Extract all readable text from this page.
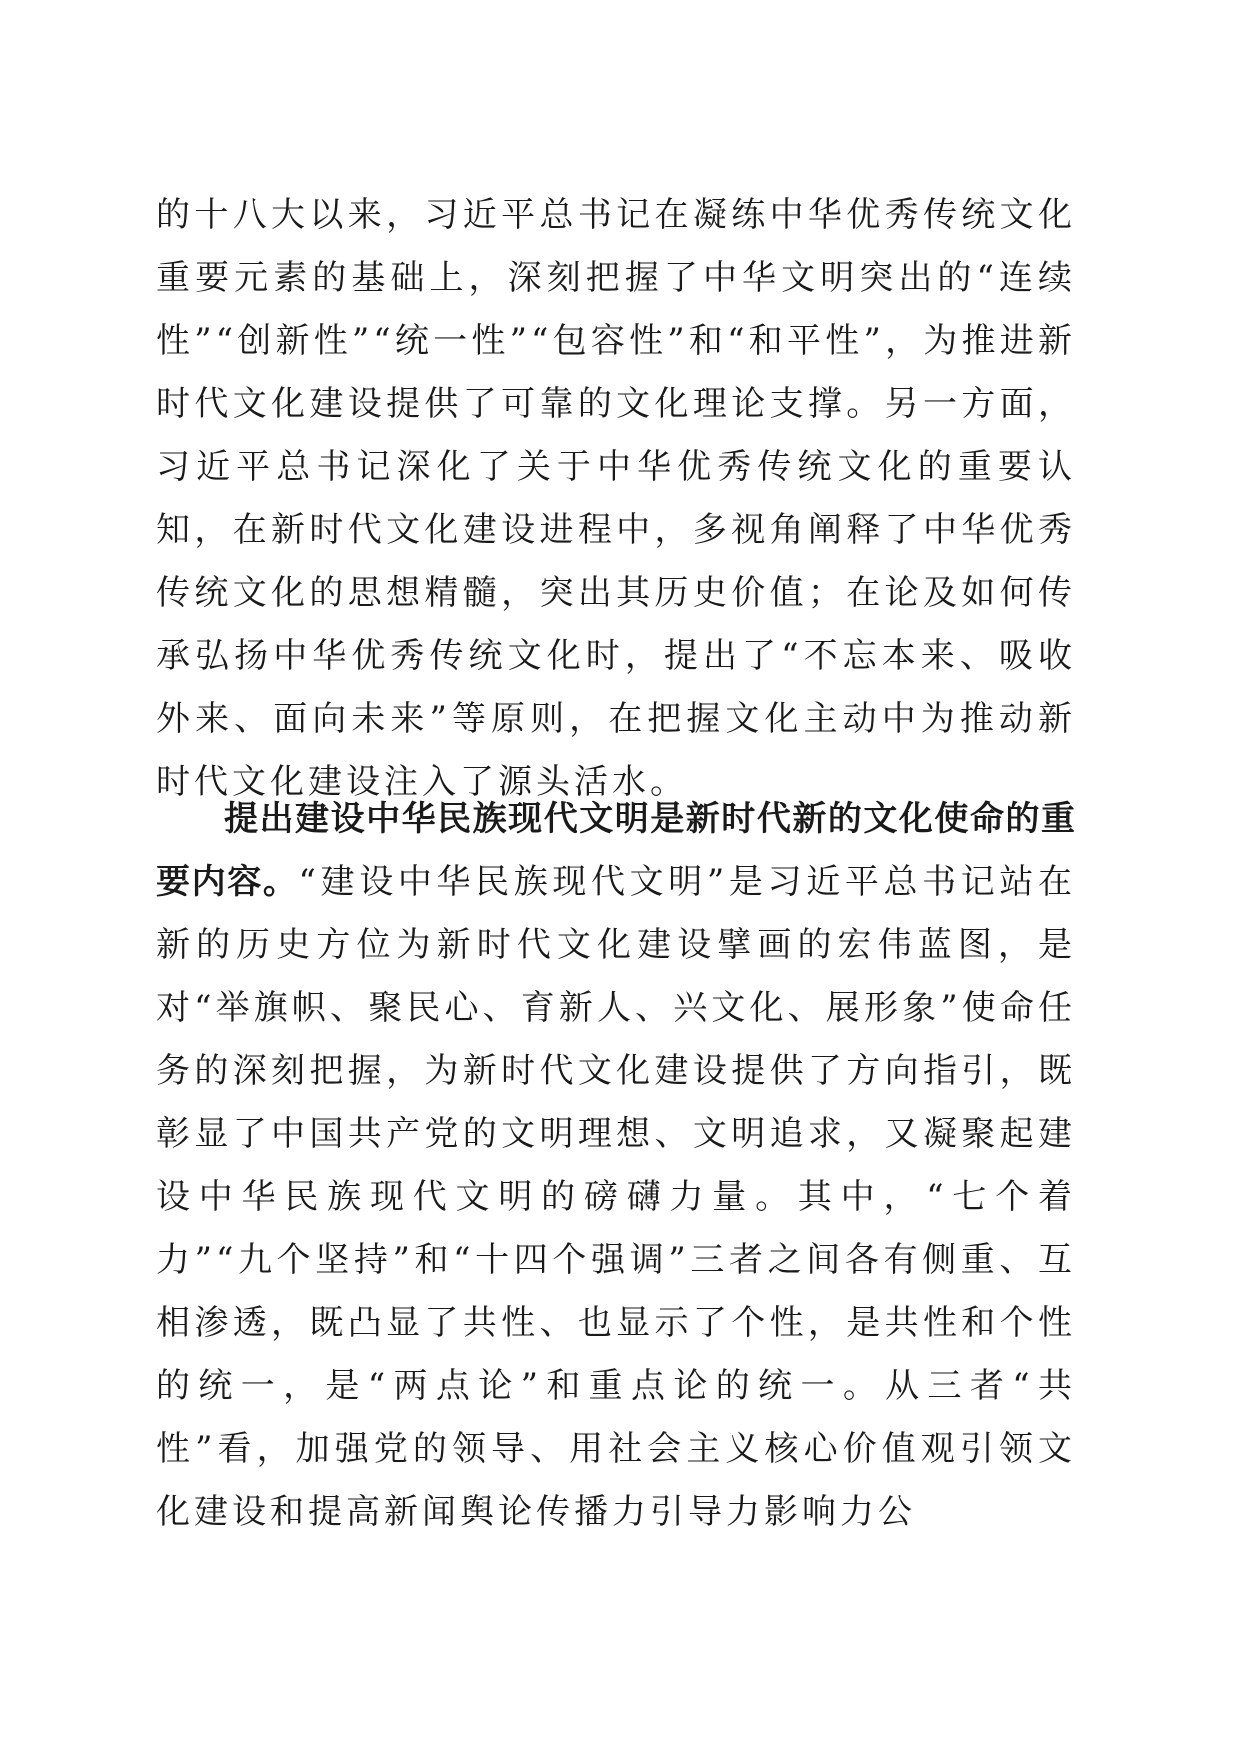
的十八大以来，习近平总书记在凝练中华优秀传统文化重要元素的基础上，深刻把握了中华文明突出的“连续性”“创新性”“统一性”“包容性”和“和平性”，为推进新时代文化建设提供了可靠的文化理论支撑。另一方面，习近平总书记深化了关于中华优秀传统文化的重要认知，在新时代文化建设进程中，多视角阐释了中华优秀传统文化的思想精髓，突出其历史价值；在论及如何传承弘扬中华优秀传统文化时，提出了“不忘本来、吸收外来、面向未来”等原则，在把握文化主动中为推动新时代文化建设注入了源头活水。

提出建设中华民族现代文明是新时代新的文化使命的重要内容。“建设中华民族现代文明”是习近平总书记站在新的历史方位为新时代文化建设擘画的宏伟蓝图，是对“举旗帜、聚民心、育新人、兴文化、展形象”使命任务的深刻把握，为新时代文化建设提供了方向指引，既彰显了中国共产党的文明理想、文明追求，又凝聚起建设中华民族现代文明的磅礴力量。其中，“七个着力”“九个坚持”和“十四个强调”三者之间各有侧重、互相渗透，既凸显了共性、也显示了个性，是共性和个性的统一，是“两点论”和重点论的统一。从三者“共性”看，加强党的领导、用社会主义核心价值观引领文化建设和提高新闻舆论传播力引导力影响力公
